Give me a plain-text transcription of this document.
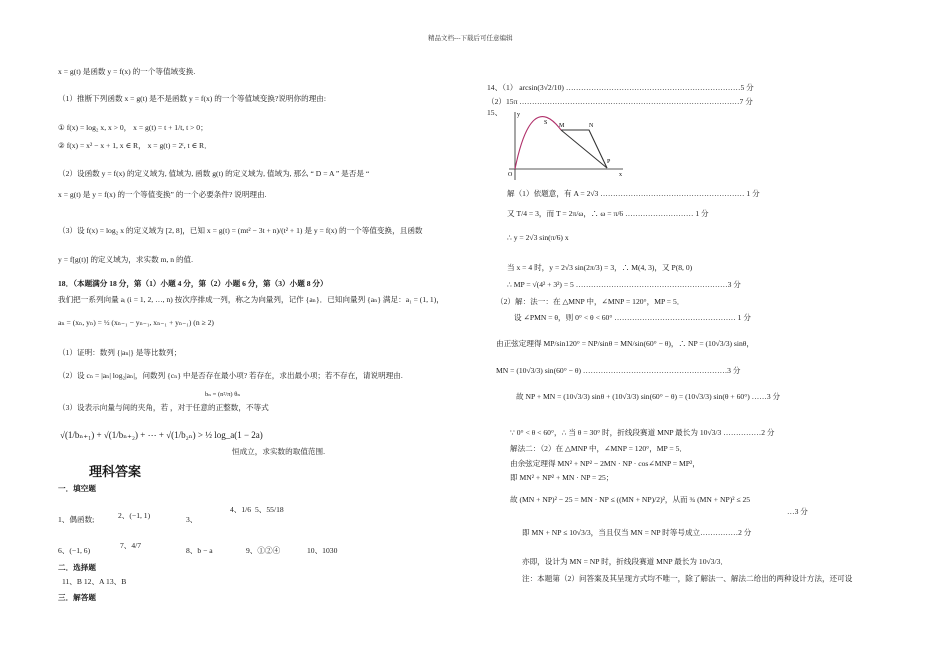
精品文档---下载后可任意编辑
x = g(t) 是函数 y = f(x) 的一个等值域变换.
（1）推断下列函数 x = g(t) 是不是函数 y = f(x) 的一个等值域变换?说明你的理由:
① f(x) = log₂ x, x > 0， x = g(t) = t + 1/t, t > 0；
② f(x) = x² − x + 1, x ∈ R， x = g(t) = 2ᵗ, t ∈ R．
（2）设函数 y = f(x) 的定义域为, 值域为, 函数 g(t) 的定义域为, 值域为, 那么 “ D = A ” 是否是 “
x = g(t) 是 y = f(x) 的一个等值变换” 的一个必要条件? 说明理由.
（3）设 f(x) = log₂ x 的定义域为 [2, 8]，已知 x = g(t) = (mt² − 3t + n)/(t² + 1) 是 y = f(x) 的一个等值变换，且函数
y = f[g(t)] 的定义域为，求实数 m, n 的值.
18．（本题满分 18 分，第（1）小题 4 分，第（2）小题 6 分，第（3）小题 8 分）
我们把一系列向量 aᵢ (i = 1, 2, …, n) 按次序排成一列，称之为向量列，记作 {aₙ}．已知向量列 {aₙ} 满足：a₁ = (1, 1)，
aₙ = (xₙ, yₙ) = ½ (xₙ₋₁ − yₙ₋₁, xₙ₋₁ + yₙ₋₁) (n ≥ 2)
（1）证明：数列 {|aₙ|} 是等比数列；
（2）设 cₙ = |aₙ| log₂|aₙ|，问数列 {cₙ} 中是否存在最小项? 若存在，求出最小项；若不存在，请说明理由.
bₙ = (n²/π) θₙ
（3）设表示向量与间的夹角，若 ，对于任意的正整数，不等式
√(1/bₙ₊₁) + √(1/bₙ₊₂) + ⋯ + √(1/b₂ₙ) > ½ log_a(1 − 2a)
恒成立，求实数的取值范围.
理科答案
一．填空题
1、偶函数;	2、(−1, 1)	3、
4、1/6 5、55/18
6、(−1, 6)
7、4/7
8、b − a	9、①②④	10、1030
二．选择题
11、B 12、A 13、B
三．解答题
14、（1） arcsin(3√2/10) ……………………………………………………………5 分
（2）15π ……………………………………………………………………………7 分
15、
S M	N
P
O	x
y
解（1）依题意，有 A = 2√3 ………………………………………………… 1 分
又 T/4 = 3，而 T = 2π/ω，∴ ω = π/6 ……………………… 1 分
∴ y = 2√3 sin(π/6) x
当 x = 4 时，y = 2√3 sin(2π/3) = 3，∴ M(4, 3)，又 P(8, 0)
∴ MP = √(4² + 3²) = 5 ……………………………………………………3 分
（2）解：法一：在 △MNP 中，∠MNP = 120°，MP = 5．
设 ∠PMN = θ，则 0° < θ < 60° ………………………………………… 1 分
由正弦定理得 MP/sin120° = NP/sinθ = MN/sin(60° − θ)，∴ NP = (10√3/3) sinθ，
MN = (10√3/3) sin(60° − θ) …………………………………………………3 分
故 NP + MN = (10√3/3) sinθ + (10√3/3) sin(60° − θ) = (10√3/3) sin(θ + 60°) ……3 分
∵ 0° < θ < 60°，∴ 当 θ = 30° 时，折线段赛道 MNP 最长为 10√3/3 ……………2 分
解法二：（2）在 △MNP 中，∠MNP = 120°，MP = 5．
由余弦定理得 MN² + NP² − 2MN · NP · cos∠MNP = MP²，
即 MN² + NP² + MN · NP = 25；
故 (MN + NP)² − 25 = MN · NP ≤ ((MN + NP)/2)²，从而 ¾ (MN + NP)² ≤ 25
…3 分
即 MN + NP ≤ 10√3/3，当且仅当 MN = NP 时等号成立……………2 分
亦即，设计为 MN = NP 时，折线段赛道 MNP 最长为 10√3/3．
注：本题第（2）问答案及其呈现方式均不唯一，除了解法一、解法二给出的两种设计方法，还可设
